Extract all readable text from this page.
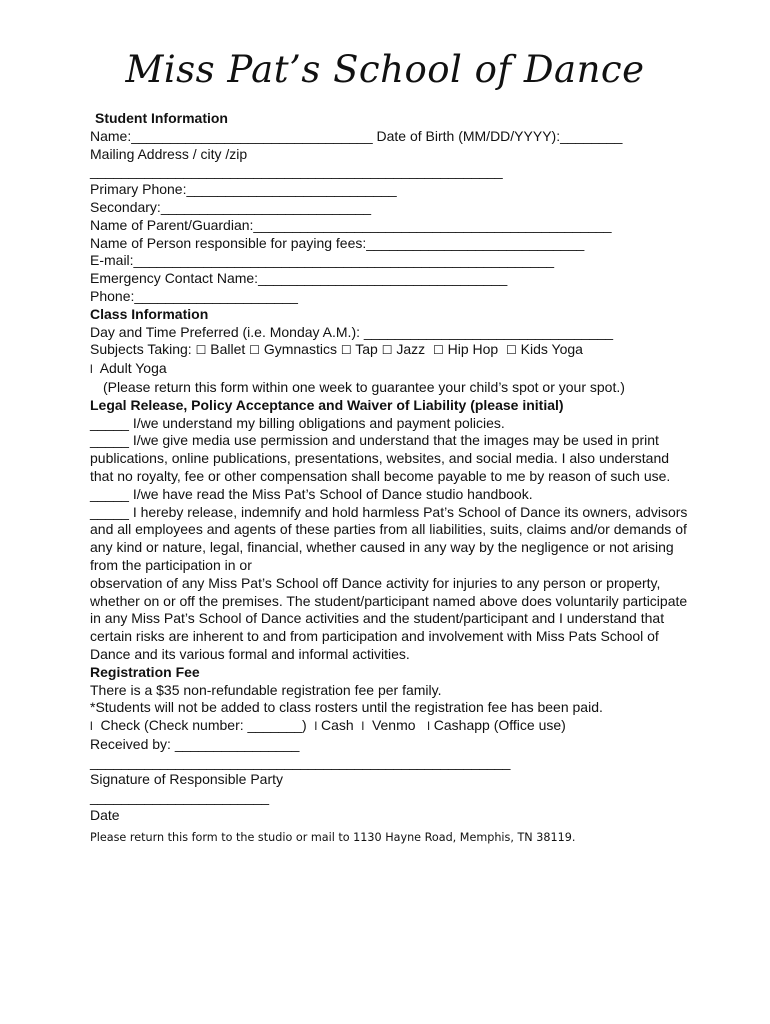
Miss Pat’s School of Dance
Student Information
Name:_______________________________ Date of Birth (MM/DD/YYYY):________
Mailing Address / city /zip
_____________________________________________________
Primary Phone:___________________________
Secondary:___________________________
Name of Parent/Guardian:______________________________________________
Name of Person responsible for paying fees:____________________________
E-mail:______________________________________________________
Emergency Contact Name:________________________________
Phone:_____________________
Class Information
Day and Time Preferred (i.e. Monday A.M.): ________________________________
Subjects Taking: ☐ Ballet ☐ Gymnastics ☐ Tap ☐ Jazz ☐ Hip Hop ☐ Kids Yoga
l Adult Yoga
(Please return this form within one week to guarantee your child’s spot or your spot.)
Legal Release, Policy Acceptance and Waiver of Liability (please initial)
_____ I/we understand my billing obligations and payment policies.
_____ I/we give media use permission and understand that the images may be used in print publications, online publications, presentations, websites, and social media. I also understand that no royalty, fee or other compensation shall become payable to me by reason of such use.
_____ I/we have read the Miss Pat’s School of Dance studio handbook.
_____ I hereby release, indemnify and hold harmless Pat’s School of Dance its owners, advisors and all employees and agents of these parties from all liabilities, suits, claims and/or demands of any kind or nature, legal, financial, whether caused in any way by the negligence or not arising from the participation in or
observation of any Miss Pat’s School off Dance activity for injuries to any person or property, whether on or off the premises. The student/participant named above does voluntarily participate in any Miss Pat’s School of Dance activities and the student/participant and I understand that certain risks are inherent to and from participation and involvement with Miss Pats School of Dance and its various formal and informal activities.
Registration Fee
There is a $35 non-refundable registration fee per family.
*Students will not be added to class rosters until the registration fee has been paid.
l Check (Check number: _______) l Cash l Venmo l Cashapp (Office use)
Received by: ________________
______________________________________________________
Signature of Responsible Party
_______________________
Date
Please return this form to the studio or mail to 1130 Hayne Road, Memphis, TN 38119.
